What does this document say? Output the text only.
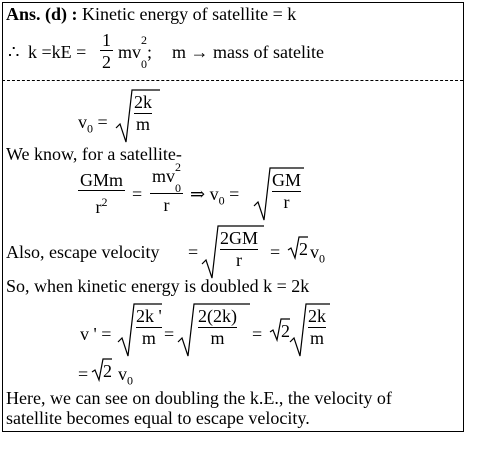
Ans. (d) : Kinetic energy of satellite = k
∴ k =kE =
1
2 mv
2
$_0$; m → mass of satelite
$v_0$ =
2k
m
We know, for a satellite-
GMm
$r^2$ =
mv 2
$_0$
r
⇒ $v_0$ =
GM
r
Also, escape velocity =
2GM
r = 2 $v_0$
So, when kinetic energy is doubled k = 2k
v ' =
2k '
m =
2(2k)
m = 2
2k
m
= 2 $v_0$
Here, we can see on doubling the k.E., the velocity of
satellite becomes equal to escape velocity.
